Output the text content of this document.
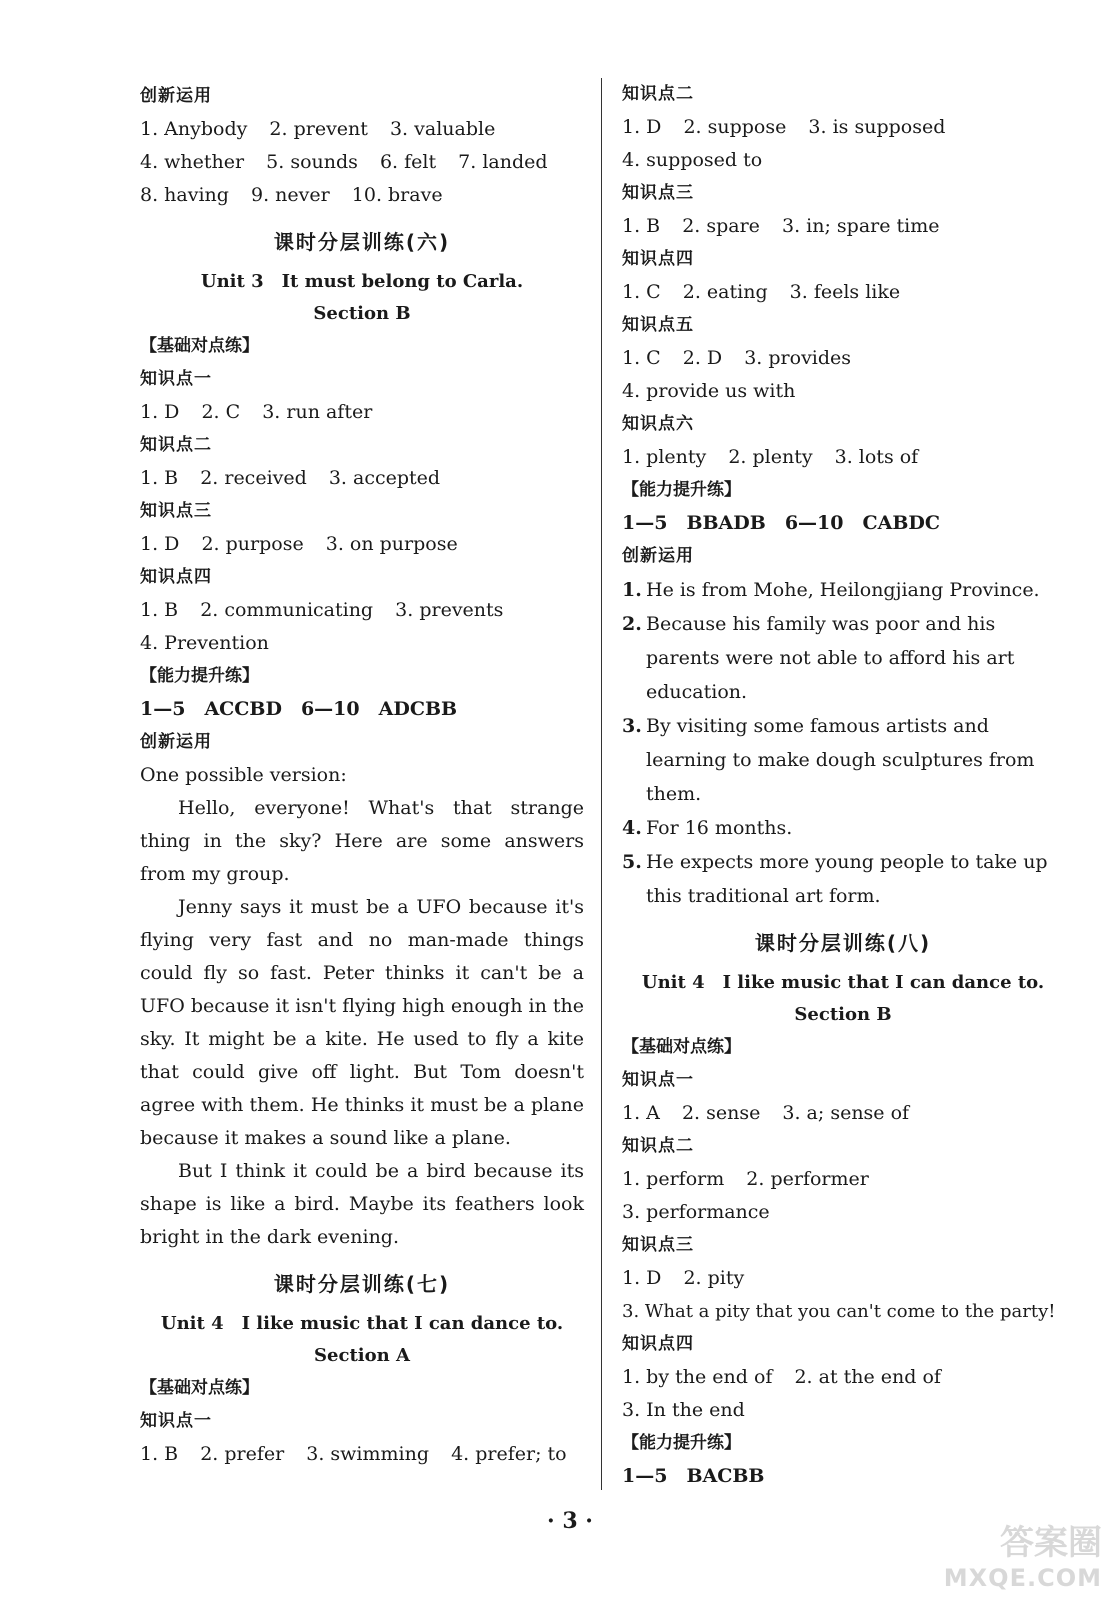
创新运用
1. Anybody 2. prevent 3. valuable
4. whether 5. sounds 6. felt 7. landed
8. having 9. never 10. brave
课时分层训练(六)
Unit 3　It must belong to Carla.
Section B
【基础对点练】
知识点一
1. D 2. C 3. run after
知识点二
1. B 2. received 3. accepted
知识点三
1. D 2. purpose 3. on purpose
知识点四
1. B 2. communicating 3. prevents
4. Prevention
【能力提升练】
1—5　ACCBD　6—10　ADCBB
创新运用
One possible version:
Hello, everyone! What's that strange thing in the sky? Here are some answers from my group.
Jenny says it must be a UFO because it's flying very fast and no man-made things could fly so fast. Peter thinks it can't be a UFO because it isn't flying high enough in the sky. It might be a kite. He used to fly a kite that could give off light. But Tom doesn't agree with them. He thinks it must be a plane because it makes a sound like a plane.
But I think it could be a bird because its shape is like a bird. Maybe its feathers look bright in the dark evening.
课时分层训练(七)
Unit 4　I like music that I can dance to.
Section A
【基础对点练】
知识点一
1. B 2. prefer 3. swimming 4. prefer; to
知识点二
1. D 2. suppose 3. is supposed
4. supposed to
知识点三
1. B 2. spare 3. in; spare time
知识点四
1. C 2. eating 3. feels like
知识点五
1. C 2. D 3. provides
4. provide us with
知识点六
1. plenty 2. plenty 3. lots of
【能力提升练】
1—5　BBADB　6—10　CABDC
创新运用
1. He is from Mohe, Heilongjiang Province.
2. Because his family was poor and his parents were not able to afford his art education.
3. By visiting some famous artists and learning to make dough sculptures from them.
4. For 16 months.
5. He expects more young people to take up this traditional art form.
课时分层训练(八)
Unit 4　I like music that I can dance to.
Section B
【基础对点练】
知识点一
1. A 2. sense 3. a; sense of
知识点二
1. perform 2. performer
3. performance
知识点三
1. D 2. pity
3. What a pity that you can't come to the party!
知识点四
1. by the end of 2. at the end of
3. In the end
【能力提升练】
1—5　BACBB
· 3 ·
答案圈
MXQE.COM
